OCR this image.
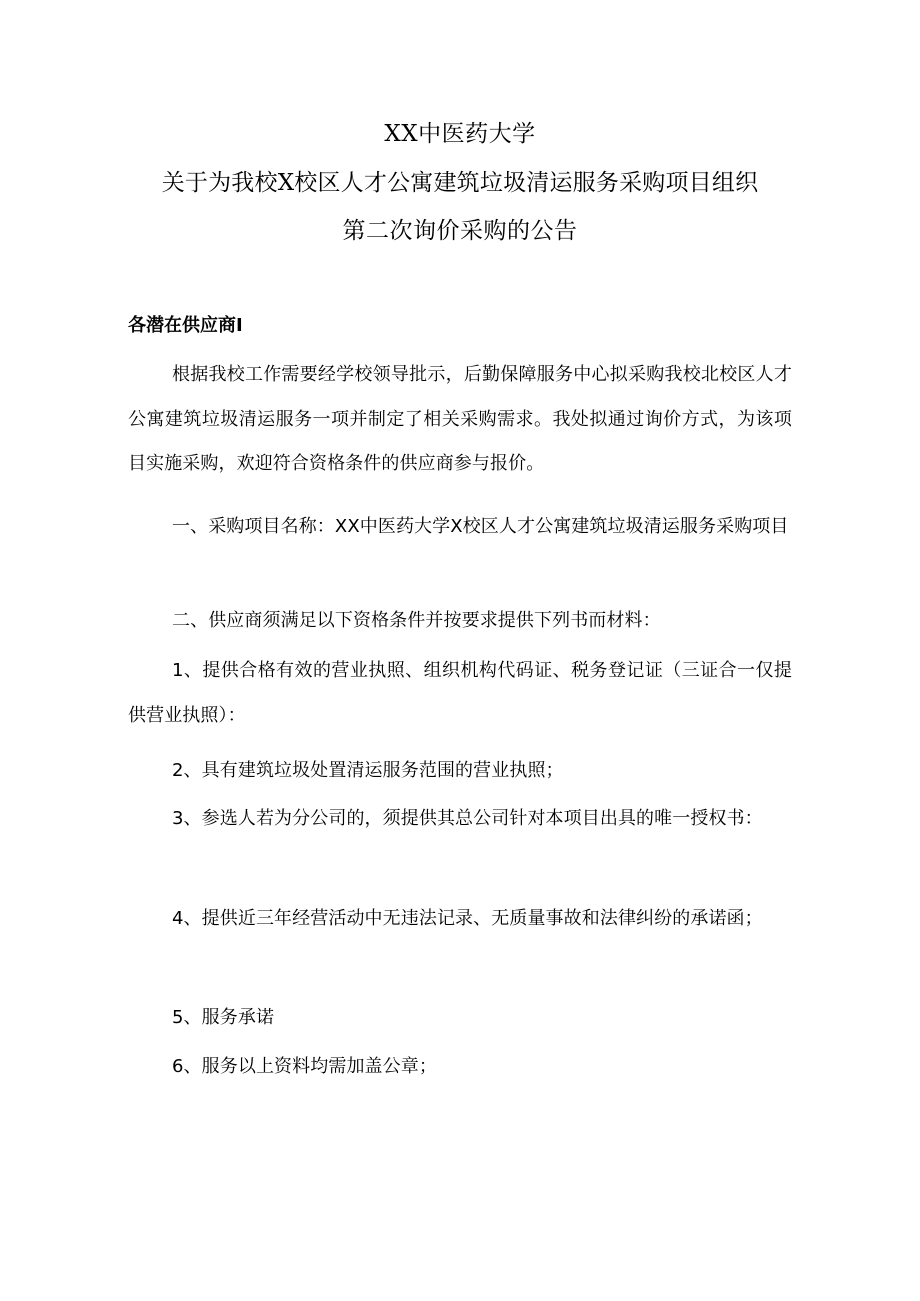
XX中医药大学
关于为我校X校区人才公寓建筑垃圾清运服务采购项目组织
第二次询价采购的公告
各潜在供应商I

根据我校工作需要经学校领导批示，后勤保障服务中心拟采购我校北校区人才公寓建筑垃圾清运服务一项并制定了相关采购需求。我处拟通过询价方式，为该项目实施采购，欢迎符合资格条件的供应商参与报价。

一、采购项目名称：XX中医药大学X校区人才公寓建筑垃圾清运服务采购项目

二、供应商须满足以下资格条件并按要求提供下列书而材料：

1、提供合格有效的营业执照、组织机构代码证、税务登记证（三证合一仅提供营业执照）：

2、具有建筑垃圾处置清运服务范围的营业执照；

3、参选人若为分公司的，须提供其总公司针对本项目出具的唯一授权书：

4、提供近三年经营活动中无违法记录、无质量事故和法律纠纷的承诺函；

5、服务承诺

6、服务以上资料均需加盖公章；
